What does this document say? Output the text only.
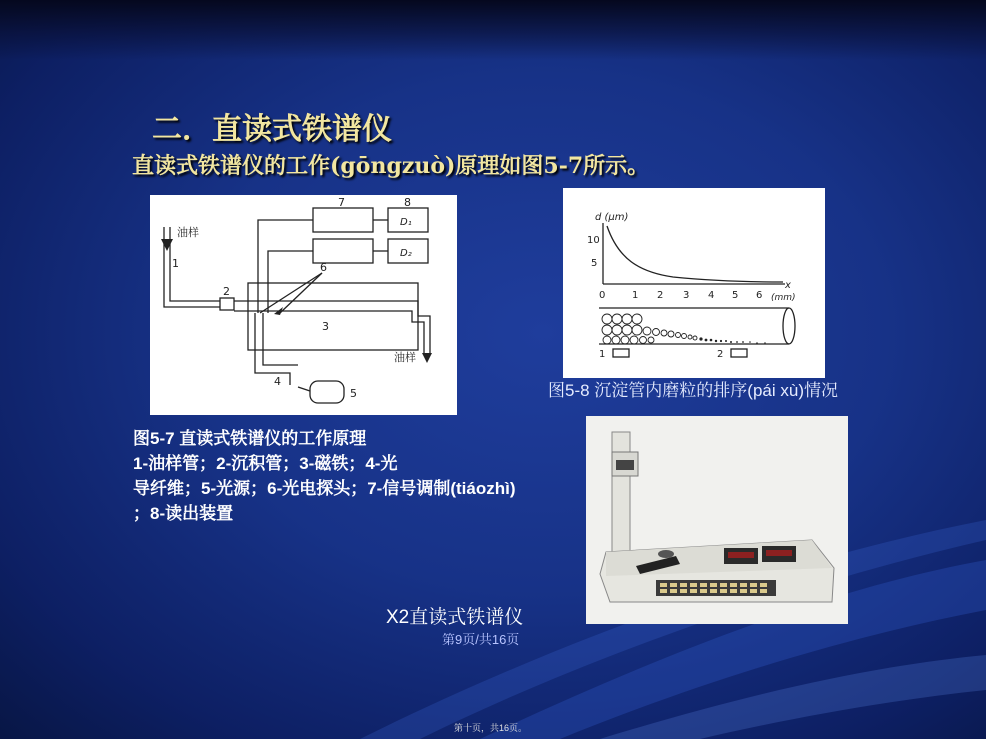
二．直读式铁谱仪
直读式铁谱仪的工作(gōngzuò)原理如图5-7所示。
油样
油样
1
2
3
4
5
6
7	8
D₁
D₂
d (μm)
10
5
x
0	1 2 3 4 5 6 (mm)
1	2

图5-8 沉淀管内磨粒的排序(pái xù)情况

图5-7 直读式铁谱仪的工作原理
1-油样管；2-沉积管；3-磁铁；4-光
导纤维；5-光源；6-光电探头；7-信号调制(tiáozhì)
；8-读出装置

X2直读式铁谱仪

第9页/共16页

第十页，共16页。
